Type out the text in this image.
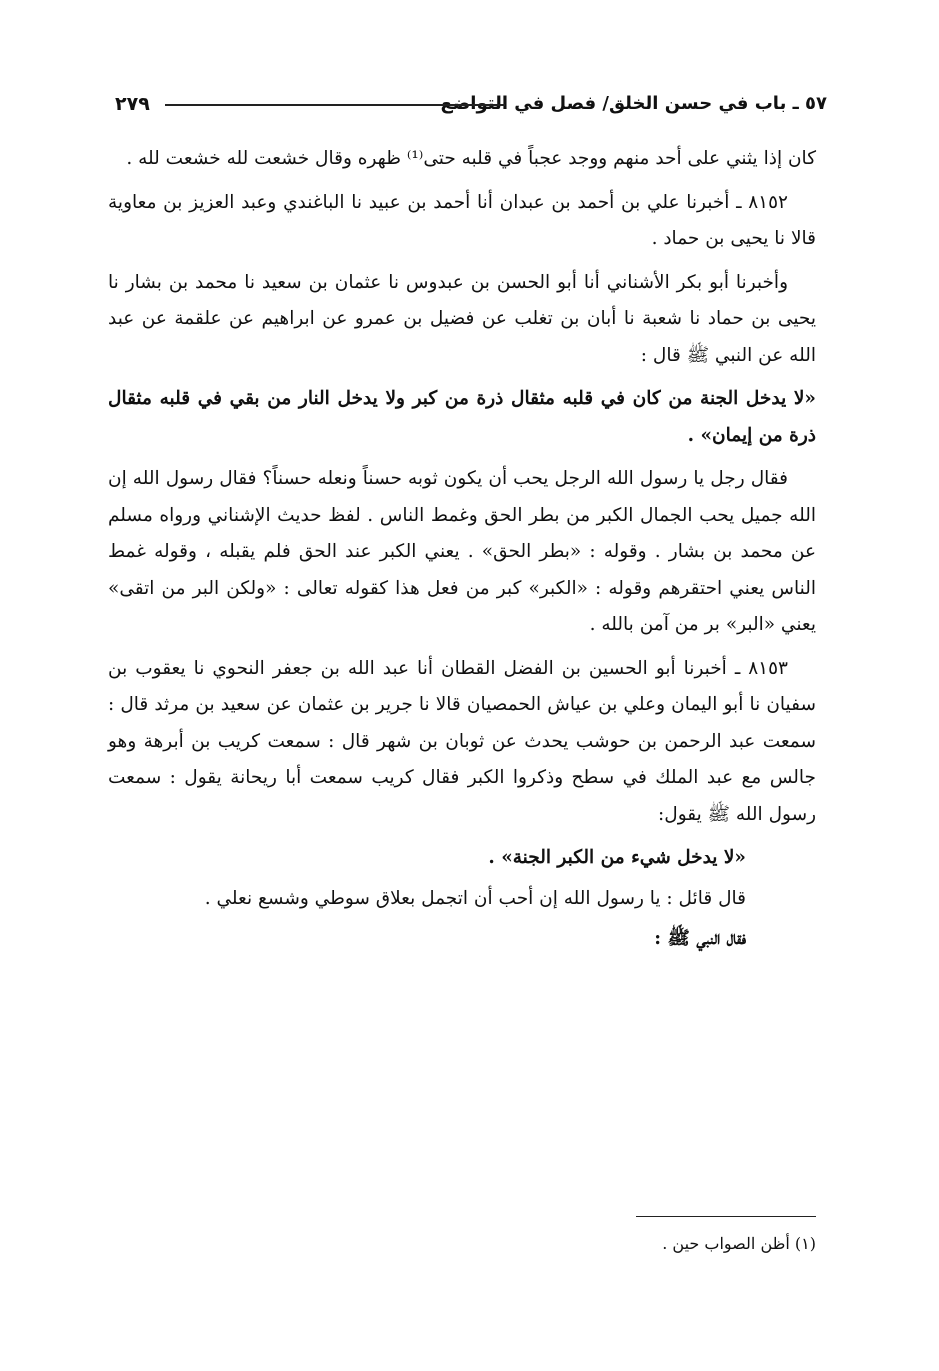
٥٧ ـ باب في حسن الخلق/ فصل في التواضع
٢٧٩

كان إذا يثني على أحد منهم ووجد عجباً في قلبه حتى⁽¹⁾ ظهره وقال خشعت لله خشعت لله .

٨١٥٢ ـ أخبرنا علي بن أحمد بن عبدان أنا أحمد بن عبيد نا الباغندي وعبد العزيز بن معاوية قالا نا يحيى بن حماد .

وأخبرنا أبو بكر الأشناني أنا أبو الحسن بن عبدوس نا عثمان بن سعيد نا محمد بن بشار نا يحيى بن حماد نا شعبة نا أبان بن تغلب عن فضيل بن عمرو عن ابراهيم عن علقمة عن عبد الله عن النبي ﷺ قال :

«لا يدخل الجنة من كان في قلبه مثقال ذرة من كبر ولا يدخل النار من بقي في قلبه مثقال ذرة من إيمان» .

فقال رجل يا رسول الله الرجل يحب أن يكون ثوبه حسناً ونعله حسناً؟ فقال رسول الله إن الله جميل يحب الجمال الكبر من بطر الحق وغمط الناس . لفظ حديث الإشناني ورواه مسلم عن محمد بن بشار . وقوله : «بطر الحق» . يعني الكبر عند الحق فلم يقبله ، وقوله غمط الناس يعني احتقرهم وقوله : «الكبر» كبر من فعل هذا كقوله تعالى : «ولكن البر من اتقى» يعني «البر» بر من آمن بالله .

٨١٥٣ ـ أخبرنا أبو الحسين بن الفضل القطان أنا عبد الله بن جعفر النحوي نا يعقوب بن سفيان نا أبو اليمان وعلي بن عياش الحمصيان قالا نا جرير بن عثمان عن سعيد بن مرثد قال : سمعت عبد الرحمن بن حوشب يحدث عن ثوبان بن شهر قال : سمعت كريب بن أبرهة وهو جالس مع عبد الملك في سطح وذكروا الكبر فقال كريب سمعت أبا ريحانة يقول : سمعت رسول الله ﷺ يقول:

«لا يدخل شيء من الكبر الجنة» .

قال قائل : يا رسول الله إن أحب أن اتجمل بعلاق سوطي وشسع نعلي .

فقال النبي ﷺ :

(١) أظن الصواب حين .
